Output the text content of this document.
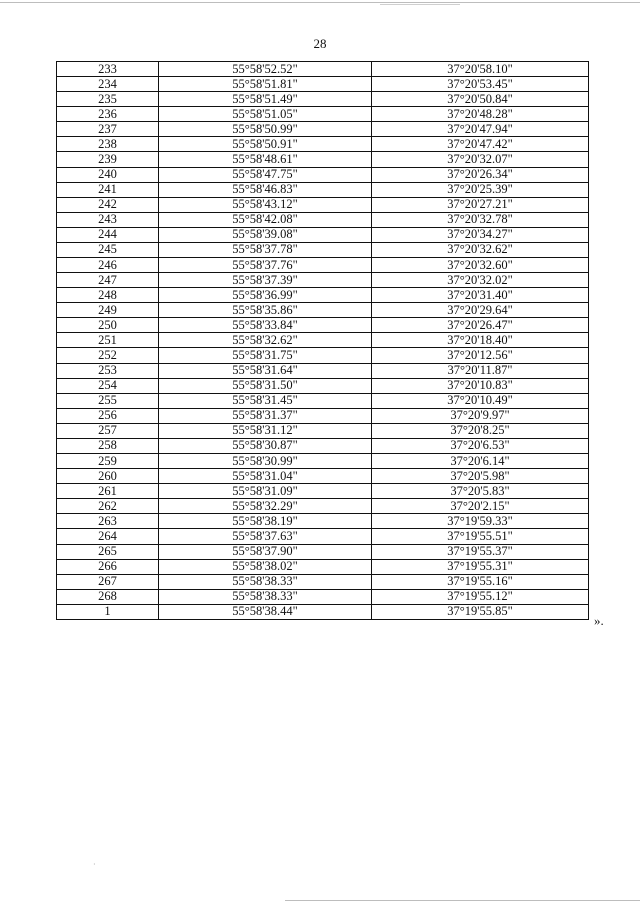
28
233	55°58'52.52"	37°20'58.10"
234	55°58'51.81"	37°20'53.45"
235	55°58'51.49"	37°20'50.84"
236	55°58'51.05"	37°20'48.28"
237	55°58'50.99"	37°20'47.94"
238	55°58'50.91"	37°20'47.42"
239	55°58'48.61"	37°20'32.07"
240	55°58'47.75"	37°20'26.34"
241	55°58'46.83"	37°20'25.39"
242	55°58'43.12"	37°20'27.21"
243	55°58'42.08"	37°20'32.78"
244	55°58'39.08"	37°20'34.27"
245	55°58'37.78"	37°20'32.62"
246	55°58'37.76"	37°20'32.60"
247	55°58'37.39"	37°20'32.02"
248	55°58'36.99"	37°20'31.40"
249	55°58'35.86"	37°20'29.64"
250	55°58'33.84"	37°20'26.47"
251	55°58'32.62"	37°20'18.40"
252	55°58'31.75"	37°20'12.56"
253	55°58'31.64"	37°20'11.87"
254	55°58'31.50"	37°20'10.83"
255	55°58'31.45"	37°20'10.49"
256	55°58'31.37"	37°20'9.97"
257	55°58'31.12"	37°20'8.25"
258	55°58'30.87"	37°20'6.53"
259	55°58'30.99"	37°20'6.14"
260	55°58'31.04"	37°20'5.98"
261	55°58'31.09"	37°20'5.83"
262	55°58'32.29"	37°20'2.15"
263	55°58'38.19"	37°19'59.33"
264	55°58'37.63"	37°19'55.51"
265	55°58'37.90"	37°19'55.37"
266	55°58'38.02"	37°19'55.31"
267	55°58'38.33"	37°19'55.16"
268	55°58'38.33"	37°19'55.12"
1	55°58'38.44"	37°19'55.85"
».
·
